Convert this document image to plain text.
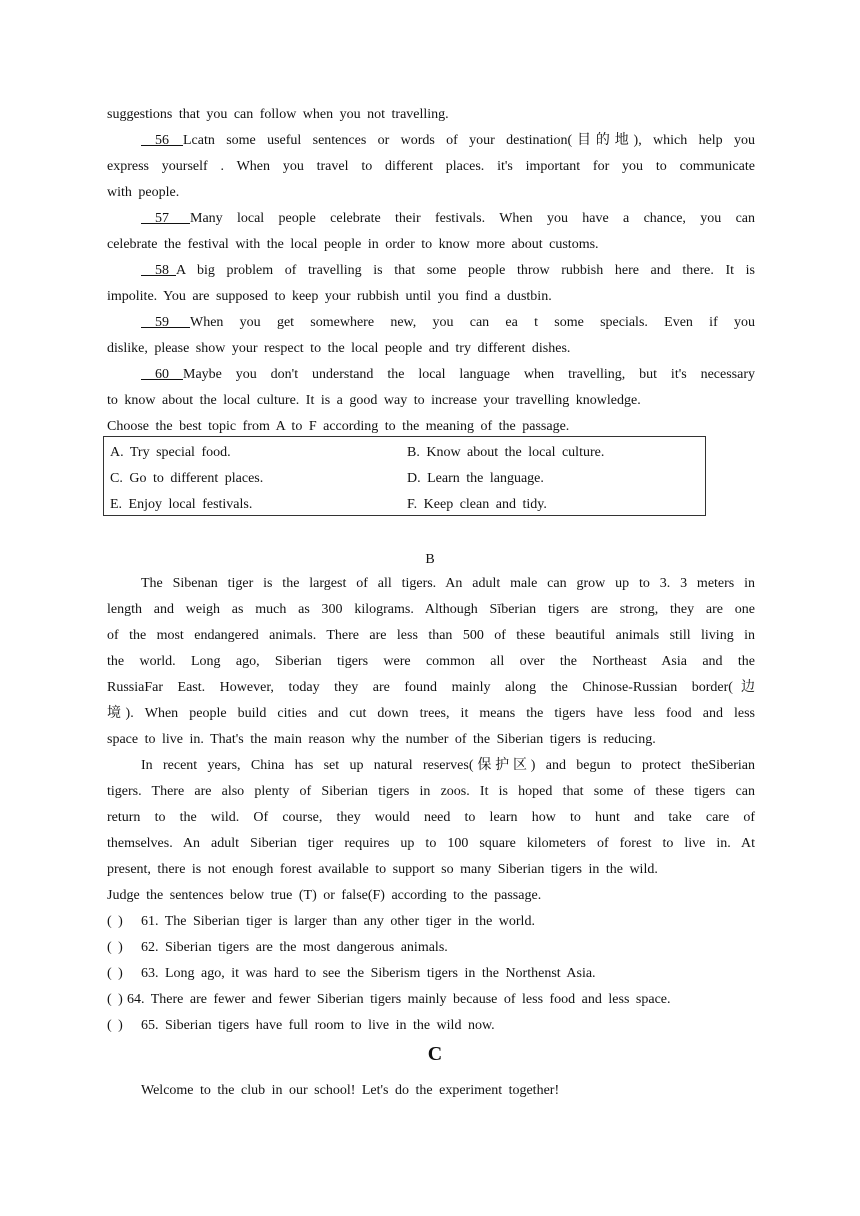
suggestions that you can follow when you not travelling.
56 Lcatn some useful sentences or words of your destination(目的地), which help you
express yourself . When you travel to different places. it's important for you to communicate
with people.
57 Many local people celebrate their festivals. When you have a chance, you can
celebrate the festival with the local people in order to know more about customs.
58 A big problem of travelling is that some people throw rubbish here and there. It is
impolite. You are supposed to keep your rubbish until you find a dustbin.
59 When you get somewhere new, you can ea t some specials. Even if you
dislike, please show your respect to the local people and try different dishes.
60 Maybe you don't understand the local language when travelling, but it's necessary
to know about the local culture. It is a good way to increase your travelling knowledge.
Choose the best topic from A to F according to the meaning of the passage.
A. Try special food.	B. Know about the local culture.
C. Go to different places.	D. Learn the language.
E. Enjoy local festivals.	F. Keep clean and tidy.
B
The Sibenan tiger is the largest of all tigers. An adult male can grow up to 3. 3 meters in
length and weigh as much as 300 kilograms. Although Sīberian tigers are strong, they are one
of the most endangered animals. There are less than 500 of these beautiful animals still living in
the world. Long ago, Siberian tigers were common all over the Northeast Asia and the
RussiaFar East. However, today they are found mainly along the Chinose-Russian border(边
境). When people build cities and cut down trees, it means the tigers have less food and less
space to live in. That's the main reason why the number of the Siberian tigers is reducing.
In recent years, China has set up natural reserves(保护区) and begun to protect theSiberian
tigers. There are also plenty of Siberian tigers in zoos. It is hoped that some of these tigers can
return to the wild. Of course, they would need to learn how to hunt and take care of
themselves. An adult Siberian tiger requires up to 100 square kilometers of forest to live in. At
present, there is not enough forest available to support so many Siberian tigers in the wild.
Judge the sentences below true (T) or false(F) according to the passage.
( ) 61. The Siberian tiger is larger than any other tiger in the world.
( ) 62. Siberian tigers are the most dangerous animals.
( ) 63. Long ago, it was hard to see the Siberism tigers in the Northenst Asia.
( ) 64. There are fewer and fewer Siberian tigers mainly because of less food and less space.
( ) 65. Siberian tigers have full room to live in the wild now.
C
Welcome to the club in our school! Let's do the experiment together!
